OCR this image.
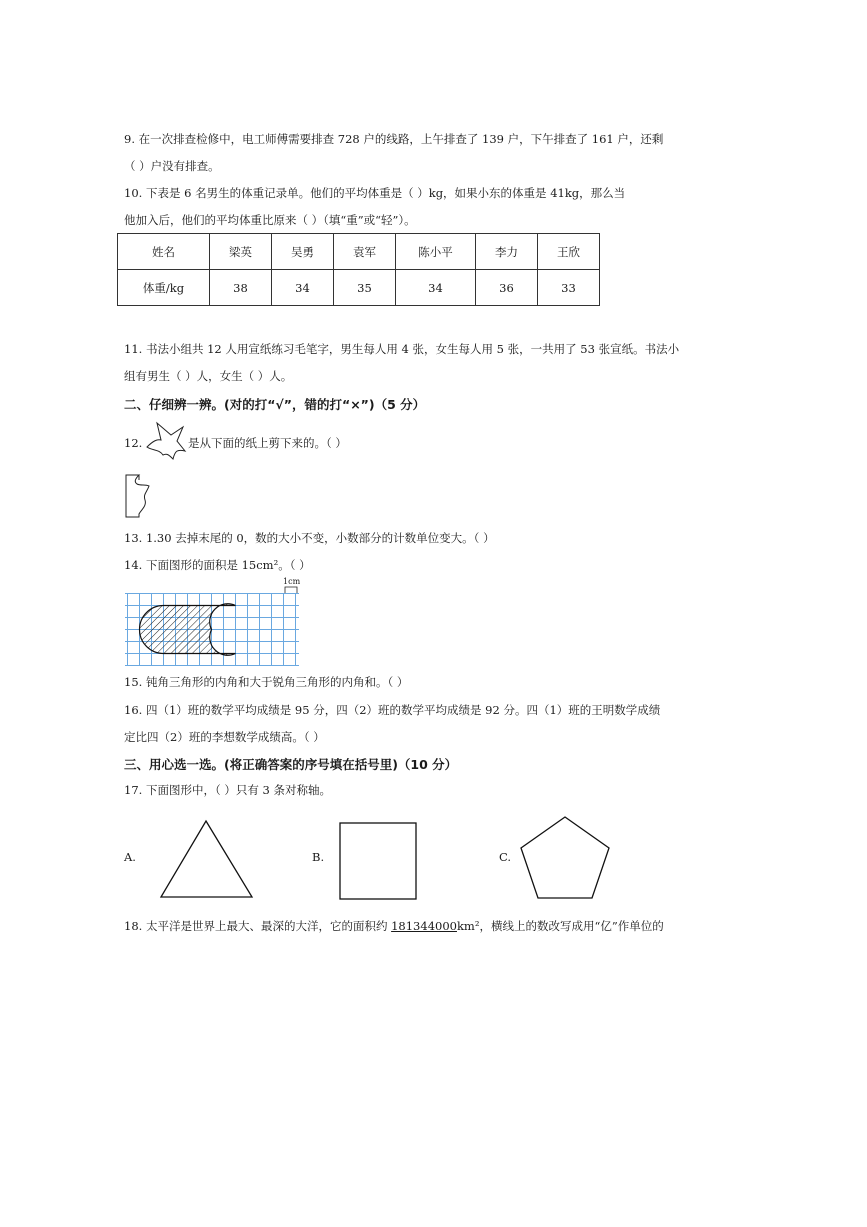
9. 在一次排查检修中，电工师傅需要排查 728 户的线路，上午排查了 139 户，下午排查了 161 户，还剩
（ ）户没有排查。
10. 下表是 6 名男生的体重记录单。他们的平均体重是（ ）kg，如果小东的体重是 41kg，那么当
他加入后，他们的平均体重比原来（ ）（填“重”或“轻”）。
姓名	梁英	吴勇	袁军	陈小平	李力	王欣
体重/kg	38	34	35	34	36	33
11. 书法小组共 12 人用宣纸练习毛笔字，男生每人用 4 张，女生每人用 5 张，一共用了 53 张宣纸。书法小
组有男生（ ）人，女生（ ）人。
二、仔细辨一辨。(对的打“√”，错的打“×”)（5 分）
12.	是从下面的纸上剪下来的。（ ）
13. 1.30 去掉末尾的 0，数的大小不变，小数部分的计数单位变大。（ ）
14. 下面图形的面积是 15cm²。（ ）
1cm
15. 钝角三角形的内角和大于锐角三角形的内角和。（ ）
16. 四（1）班的数学平均成绩是 95 分，四（2）班的数学平均成绩是 92 分。四（1）班的王明数学成绩
定比四（2）班的李想数学成绩高。（ ）
三、用心选一选。(将正确答案的序号填在括号里)（10 分）
17. 下面图形中，（ ）只有 3 条对称轴。
A.	B.	C.
18. 太平洋是世界上最大、最深的大洋，它的面积约 181344000km²，横线上的数改写成用“亿”作单位的
